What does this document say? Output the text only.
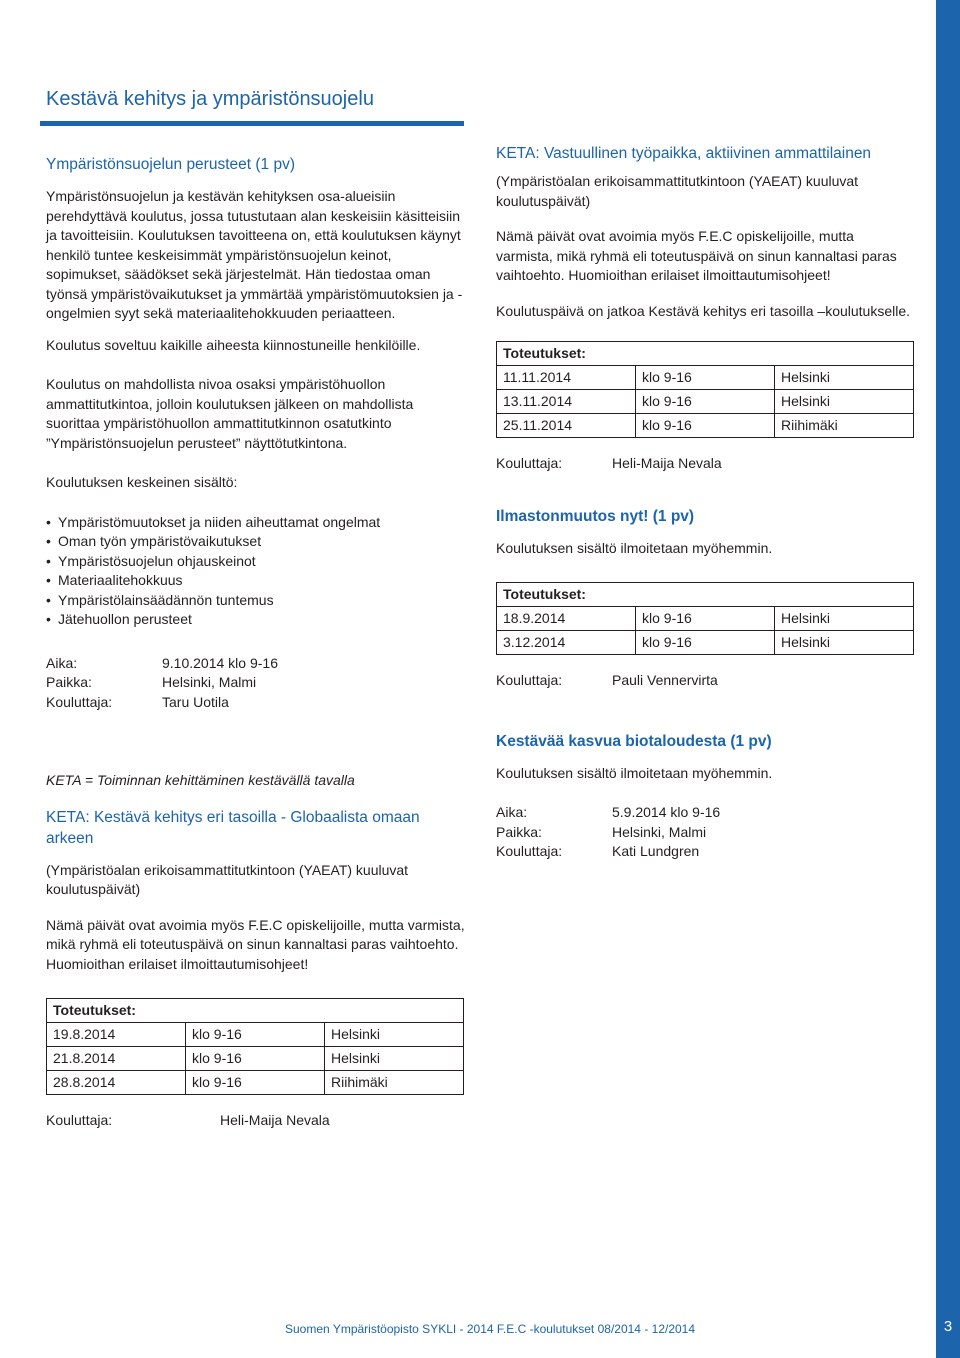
3
Kestävä kehitys ja ympäristönsuojelu

Ympäristönsuojelun perusteet (1 pv)

Ympäristönsuojelun ja kestävän kehityksen osa-alueisiin perehdyttävä koulutus, jossa tutustutaan alan keskeisiin käsitteisiin ja tavoitteisiin. Koulutuksen tavoitteena on, että koulutuksen käynyt henkilö tuntee keskeisimmät ympäristönsuojelun keinot, sopimukset, säädökset sekä järjestelmät. Hän tiedostaa oman työnsä ympäristövaikutukset ja ymmärtää ympäristömuutoksien ja -ongelmien syyt sekä materiaalitehokkuuden periaatteen.

Koulutus soveltuu kaikille aiheesta kiinnostuneille henkilöille.

Koulutus on mahdollista nivoa osaksi ympäristöhuollon ammattitutkintoa, jolloin koulutuksen jälkeen on mahdollista suorittaa ympäristöhuollon ammattitutkinnon osatutkinto ”Ympäristönsuojelun perusteet” näyttötutkintona.

Koulutuksen keskeinen sisältö:

• Ympäristömuutokset ja niiden aiheuttamat ongelmat
• Oman työn ympäristövaikutukset
• Ympäristösuojelun ohjauskeinot
• Materiaalitehokkuus
• Ympäristölainsäädännön tuntemus
• Jätehuollon perusteet
Aika:	9.10.2014 klo 9-16
Paikka:	Helsinki, Malmi
Kouluttaja:	Taru Uotila

KETA = Toiminnan kehittäminen kestävällä tavalla

KETA: Kestävä kehitys eri tasoilla - Globaalista omaan arkeen

(Ympäristöalan erikoisammattitutkintoon (YAEAT) kuuluvat koulutuspäivät)

Nämä päivät ovat avoimia myös F.E.C opiskelijoille, mutta varmista, mikä ryhmä eli toteutuspäivä on sinun kannaltasi paras vaihtoehto. Huomioithan erilaiset ilmoittautumisohjeet!

Toteutukset:		
19.8.2014	klo 9-16	Helsinki
21.8.2014	klo 9-16	Helsinki
28.8.2014	klo 9-16	Riihimäki
Kouluttaja:	Heli-Maija Nevala

KETA: Vastuullinen työpaikka, aktiivinen ammattilainen

(Ympäristöalan erikoisammattitutkintoon (YAEAT) kuuluvat koulutuspäivät)

Nämä päivät ovat avoimia myös F.E.C opiskelijoille, mutta varmista, mikä ryhmä eli toteutuspäivä on sinun kannaltasi paras vaihtoehto. Huomioithan erilaiset ilmoittautumisohjeet!

Koulutuspäivä on jatkoa Kestävä kehitys eri tasoilla –koulutukselle.

Toteutukset:		
11.11.2014	klo 9-16	Helsinki
13.11.2014	klo 9-16	Helsinki
25.11.2014	klo 9-16	Riihimäki
Kouluttaja:	Heli-Maija Nevala

Ilmastonmuutos nyt! (1 pv)

Koulutuksen sisältö ilmoitetaan myöhemmin.

Toteutukset:		
18.9.2014	klo 9-16	Helsinki
3.12.2014	klo 9-16	Helsinki
Kouluttaja:	Pauli Vennervirta

Kestävää kasvua biotaloudesta (1 pv)

Koulutuksen sisältö ilmoitetaan myöhemmin.

Aika:	5.9.2014 klo 9-16
Paikka:	Helsinki, Malmi
Kouluttaja:	Kati Lundgren
Suomen Ympäristöopisto SYKLI - 2014 F.E.C -koulutukset 08/2014 - 12/2014
